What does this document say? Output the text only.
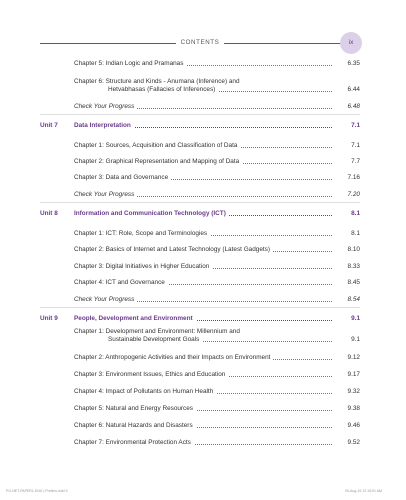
CONTENTS	ix
Chapter 5: Indian Logic and Pramanas	6.35
Chapter 6: Structure and Kinds - Anumana (Inference) and
Hetvabhasas (Fallacies of Inferences)	6.44
Check Your Progress	6.48
Unit 7	Data Interpretation	7.1
Chapter 1: Sources, Acquisition and Classification of Data	7.1
Chapter 2: Graphical Representation and Mapping of Data	7.7
Chapter 3: Data and Governance	7.16
Check Your Progress	7.20
Unit 8	Information and Communication Technology (ICT)	8.1
Chapter 1: ICT: Role, Scope and Terminologies	8.1
Chapter 2: Basics of Internet and Latest Technology (Latest Gadgets)	8.10
Chapter 3: Digital Initiatives in Higher Education	8.33
Chapter 4: ICT and Governance	8.45
Check Your Progress	8.54
Unit 9	People, Development and Environment	9.1
Chapter 1: Development and Environment: Millennium and
Sustainable Development Goals	9.1
Chapter 2: Anthropogenic Activities and their Impacts on Environment	9.12
Chapter 3: Environment Issues, Ethics and Education	9.17
Chapter 4: Impact of Pollutants on Human Health	9.32
Chapter 5: Natural and Energy Resources	9.38
Chapter 6: Natural Hazards and Disasters	9.46
Chapter 7: Environmental Protection Acts	9.52
PG-NET-PAPER1-ENG | Prelims.indd 9	09-Aug-19 12:15:51 AM
